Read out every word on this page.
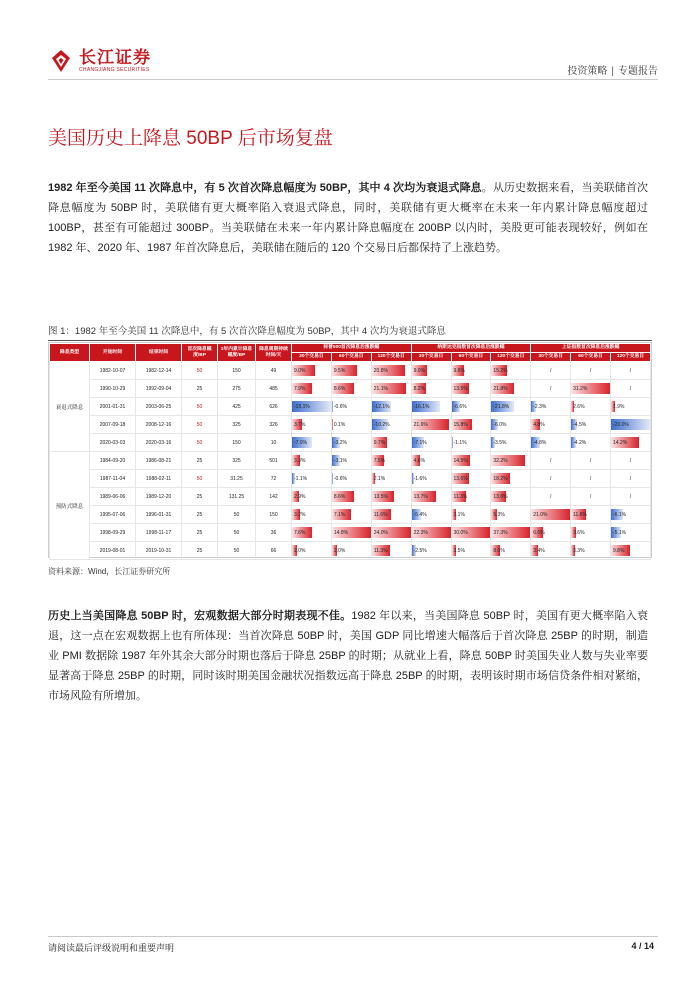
长江证券
CHANGJIANG SECURITIES	投资策略 | 专题报告
美国历史上降息 50BP 后市场复盘
1982 年至今美国 11 次降息中，有 5 次首次降息幅度为 50BP，其中 4 次均为衰退式降息。从历史数据来看，当美联储首次降息幅度为 50BP 时，美联储有更大概率陷入衰退式降息，同时，美联储有更大概率在未来一年内累计降息幅度超过 100BP，甚至有可能超过 300BP。当美联储在未来一年内累计降息幅度在 200BP 以内时，美股更可能表现较好，例如在 1982 年、2020 年、1987 年首次降息后，美联储在随后的 120 个交易日后都保持了上涨趋势。
图 1：1982 年至今美国 11 次降息中，有 5 次首次降息幅度为 50BP，其中 4 次均为衰退式降息
降息类型	开始时间	结束时间	首次降息幅度/BP	1年内累计降息幅度/BP	降息周期持续时间/天	标普500首次降息后涨跌幅			纳斯达克指数首次降息后涨跌幅			上证指数首次降息后涨跌幅		
						30个交易日	60个交易日	120个交易日	30个交易日	60个交易日	120个交易日	30个交易日	60个交易日	120个交易日
衰退式降息	1982-10-07	1982-12-14	50	150	49	9.0%	9.5%	20.8%	9.0%	9.6%	15.2%	/	/	/
	1990-10-29	1992-09-04	25	275	485	7.9%	8.6%	21.1%	8.2%	13.5%	21.8%	/	31.2%	/
	2001-01-31	2003-06-25	50	425	626	-15.1%	-0.6%	-12.1%	-16.1%	-6.6%	-21.8%	-2.3%	2.6%	1.9%
	2007-09-18	2008-12-16	50	325	326	3.7%	0.1%	-10.2%	21.6%	15.8%	-6.0%	4.8%	-4.5%	-20.0%
	2020-03-03	2020-03-16	50	150	10	-7.9%	-3.2%	9.7%	-7.1%	-1.1%	-3.5%	-4.8%	-4.2%	14.2%
预防式降息	1984-09-20	1986-08-21	25	325	501	3.3%	-3.1%	7.5%	4.6%	14.5%	32.2%	/	/	/
	1987-11-04	1988-02-11	50	31.25	72	-1.1%	-0.6%	2.1%	-1.6%	13.6%	18.2%	/	/	/
	1989-06-06	1989-12-20	25	131.25	142	2.9%	8.6%	13.5%	13.7%	11.3%	13.6%	/	/	/
	1995-07-06	1996-01-31	25	50	150	3.2%	7.1%	11.6%	-5.4%	3.1%	5.3%	21.0%	11.8%	-6.1%
	1998-09-29	1998-11-17	25	50	36	7.6%	14.8%	24.0%	22.3%	30.0%	37.3%	6.6%	3.6%	-5.1%
	2019-08-01	2019-10-31	25	50	66	2.0%	2.0%	11.3%	-2.5%	3.5%	8.0%	3.4%	3.3%	9.8%
资料来源：Wind，长江证券研究所
历史上当美国降息 50BP 时，宏观数据大部分时期表现不佳。1982 年以来，当美国降息 50BP 时，美国有更大概率陷入衰退，这一点在宏观数据上也有所体现：当首次降息 50BP 时，美国 GDP 同比增速大幅落后于首次降息 25BP 的时期，制造业 PMI 数据除 1987 年外其余大部分时期也落后于降息 25BP 的时期；从就业上看，降息 50BP 时美国失业人数与失业率要显著高于降息 25BP 的时期，同时该时期美国金融状况指数远高于降息 25BP 的时期，表明该时期市场信贷条件相对紧缩，市场风险有所增加。
请阅读最后评级说明和重要声明	4 / 14
